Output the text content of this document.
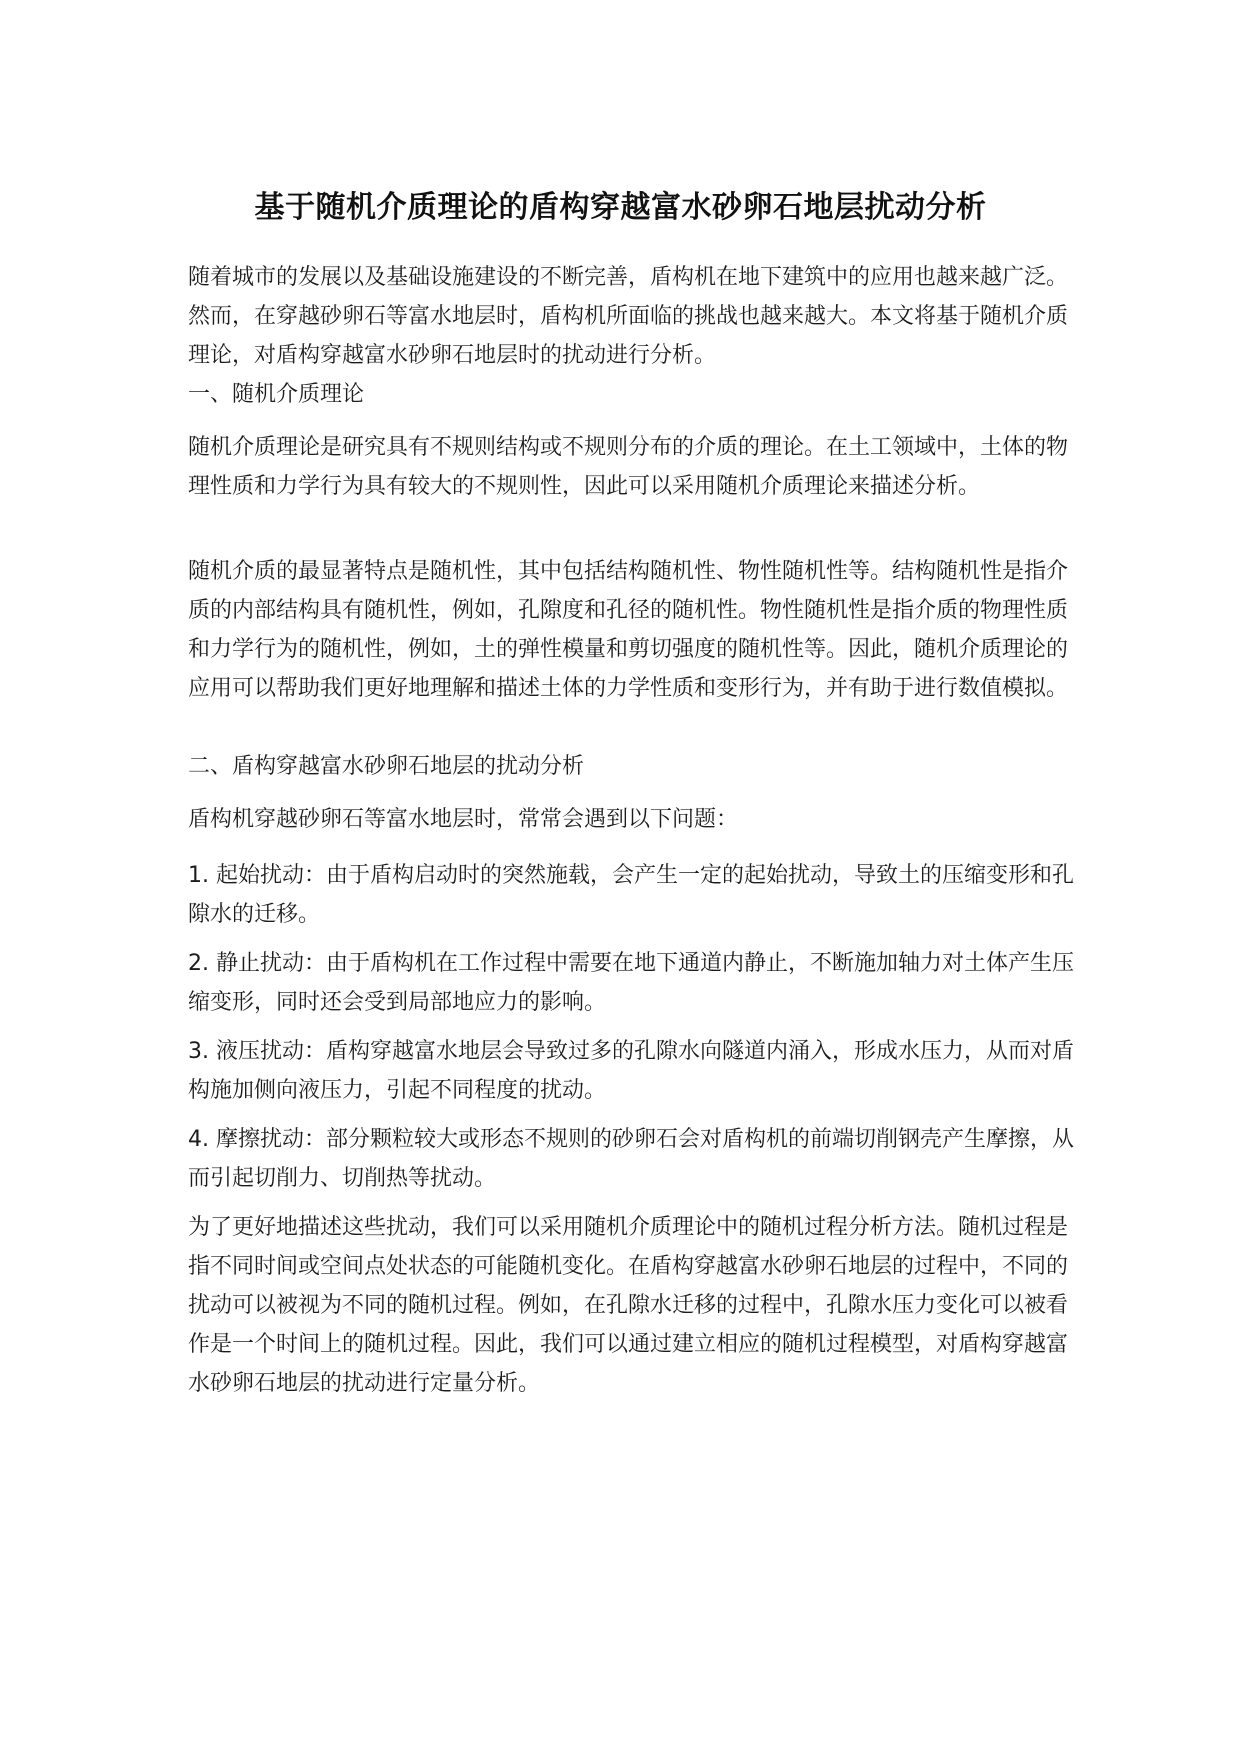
基于随机介质理论的盾构穿越富水砂卵石地层扰动分析

随着城市的发展以及基础设施建设的不断完善，盾构机在地下建筑中的应用也越来越广泛。然而，在穿越砂卵石等富水地层时，盾构机所面临的挑战也越来越大。本文将基于随机介质理论，对盾构穿越富水砂卵石地层时的扰动进行分析。

一、随机介质理论

随机介质理论是研究具有不规则结构或不规则分布的介质的理论。在土工领域中，土体的物理性质和力学行为具有较大的不规则性，因此可以采用随机介质理论来描述分析。

随机介质的最显著特点是随机性，其中包括结构随机性、物性随机性等。结构随机性是指介质的内部结构具有随机性，例如，孔隙度和孔径的随机性。物性随机性是指介质的物理性质和力学行为的随机性，例如，土的弹性模量和剪切强度的随机性等。因此，随机介质理论的应用可以帮助我们更好地理解和描述土体的力学性质和变形行为，并有助于进行数值模拟。

二、盾构穿越富水砂卵石地层的扰动分析

盾构机穿越砂卵石等富水地层时，常常会遇到以下问题：

1. 起始扰动：由于盾构启动时的突然施载，会产生一定的起始扰动，导致土的压缩变形和孔隙水的迁移。

2. 静止扰动：由于盾构机在工作过程中需要在地下通道内静止，不断施加轴力对土体产生压缩变形，同时还会受到局部地应力的影响。

3. 液压扰动：盾构穿越富水地层会导致过多的孔隙水向隧道内涌入，形成水压力，从而对盾构施加侧向液压力，引起不同程度的扰动。

4. 摩擦扰动：部分颗粒较大或形态不规则的砂卵石会对盾构机的前端切削钢壳产生摩擦，从而引起切削力、切削热等扰动。

为了更好地描述这些扰动，我们可以采用随机介质理论中的随机过程分析方法。随机过程是指不同时间或空间点处状态的可能随机变化。在盾构穿越富水砂卵石地层的过程中，不同的扰动可以被视为不同的随机过程。例如，在孔隙水迁移的过程中，孔隙水压力变化可以被看作是一个时间上的随机过程。因此，我们可以通过建立相应的随机过程模型，对盾构穿越富水砂卵石地层的扰动进行定量分析。
